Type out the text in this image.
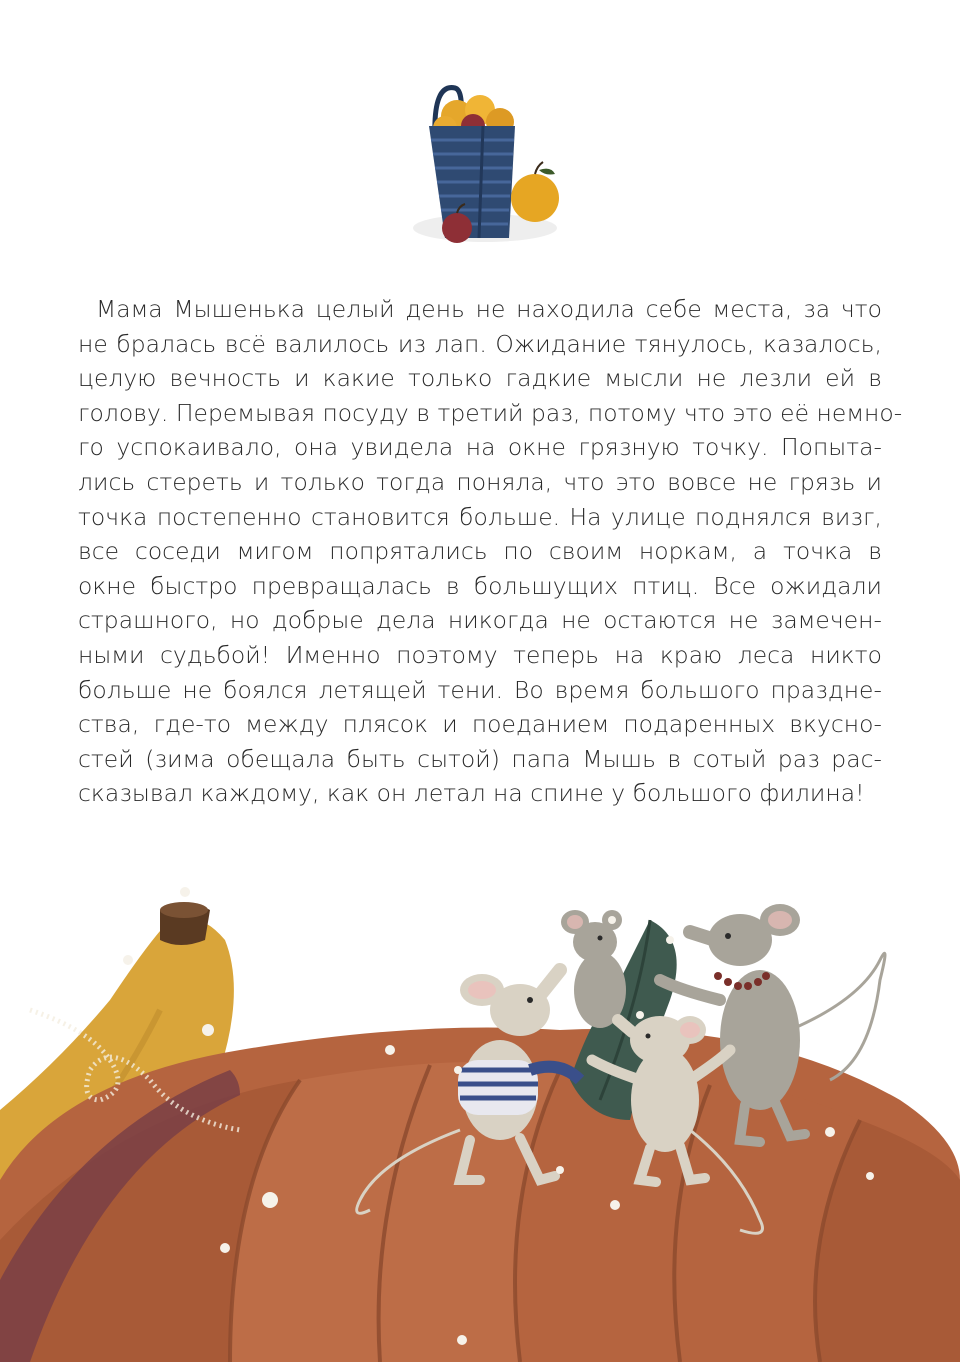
Мама Мышенька целый день не находила себе места, за что
не бралась всё валилось из лап. Ожидание тянулось, казалось,
целую вечность и какие только гадкие мысли не лезли ей в
голову. Перемывая посуду в третий раз, потому что это её немно-
го успокаивало, она увидела на окне грязную точку. Попыта-
лись стереть и только тогда поняла, что это вовсе не грязь и
точка постепенно становится больше. На улице поднялся визг,
все соседи мигом попрятались по своим норкам, а точка в
окне быстро превращалась в большущих птиц. Все ожидали
страшного, но добрые дела никогда не остаются не замечен-
ными судьбой! Именно поэтому теперь на краю леса никто
больше не боялся летящей тени. Во время большого праздне-
ства, где-то между плясок и поеданием подаренных вкусно-
стей (зима обещала быть сытой) папа Мышь в сотый раз рас-
сказывал каждому, как он летал на спине у большого филина!
